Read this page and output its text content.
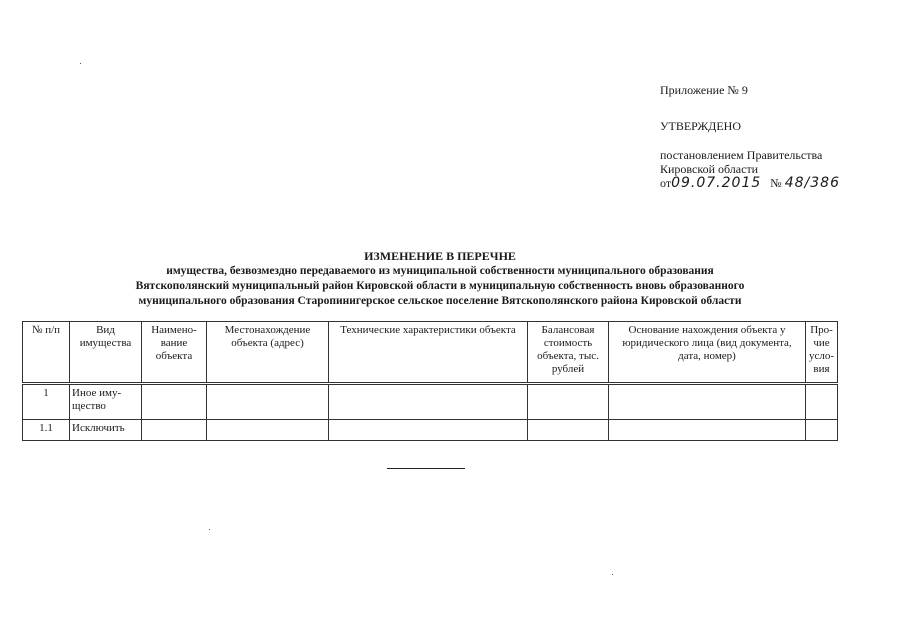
Приложение № 9
УТВЕРЖДЕНО
постановлением Правительства
Кировской области
от09.07.2015 № 48/386
ИЗМЕНЕНИЕ В ПЕРЕЧНЕ
имущества, безвозмездно передаваемого из муниципальной собственности муниципального образования
Вятскополянский муниципальный район Кировской области в муниципальную собственность вновь образованного
муниципального образования Старопинигерское сельское поселение Вятскополянского района Кировской области
№ п/п	Вид имущества	Наимено-вание объекта	Местонахождение объекта (адрес)	Технические характеристики объекта	Балансовая стоимость объекта, тыс. рублей	Основание нахождения объекта у юридического лица (вид документа, дата, номер)	Про-чие усло-вия
1	Иное иму-щество						
1.1	Исключить						
